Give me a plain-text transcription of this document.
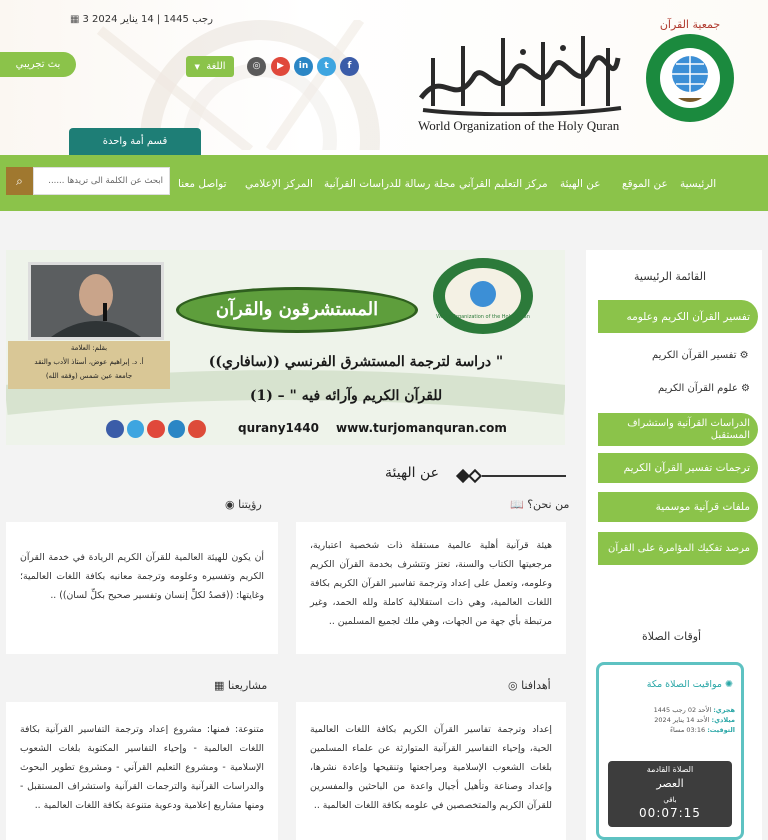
▦ 3 رجب 1445 | 14 يناير 2024
بث تجريبي	▼ اللغة	◎	▶	in	t	f
قسم أمة واحدة
World Organization of the Holy Quran
جمعية القرآن
الرئيسية
عن الموقع
عن الهيئة
مركز التعليم القرآني
مجلة رسالة للدراسات القرآنية
المركز الإعلامي
تواصل معنا
ابحث عن الكلمة الى تريدها ......
⌕
بقلم: العلامة
أ. د. إبراهيم عوض، أستاذ الأدب والنقد
جامعة عين شمس (وفقه الله)
المستشرقون والقرآن	World Organization of the Holy Quran
" دراسة لترجمة المستشرق الفرنسي ((سافاري))
للقرآن الكريم وآرائه فيه " – (1)
qurany1440 www.turjomanquran.com
عن الهيئة
📖 من نحن؟
هيئة قرآنية أهلية عالمية مستقلة ذات شخصية اعتبارية، مرجعيتها الكتاب والسنة، تعتز وتتشرف بخدمة القرآن الكريم وعلومه، وتعمل على إعداد وترجمة تفاسير القرآن الكريم بكافة اللغات العالمية، وهي ذات استقلالية كاملة ولله الحمد، وغير مرتبطة بأي جهة من الجهات، وهي ملك لجميع المسلمين ..
◉ رؤيتنا
أن يكون للهيئة العالمية للقرآن الكريم الريادة في خدمة القرآن الكريم وتفسيره وعلومه وترجمة معانيه بكافة اللغات العالمية؛ وغايتها: ((قصدُ لكلِّ إنسان وتفسير صحيح بكلِّ لسان)) ..
◎ أهدافنا
إعداد وترجمة تفاسير القرآن الكريم بكافة اللغات العالمية الحية، وإحياء التفاسير القرآنية المتوارثة عن علماء المسلمين بلغات الشعوب الإسلامية ومراجعتها وتنقيحها وإعادة نشرها، وإعداد وصناعة وتأهيل أجيال واعدة من الباحثين والمفسرين للقرآن الكريم والمتخصصين في علومه بكافة اللغات العالمية ..
▦ مشاريعنا
متنوعة: فمنها: مشروع إعداد وترجمة التفاسير القرآنية بكافة اللغات العالمية - وإحياء التفاسير المكتوبة بلغات الشعوب الإسلامية - ومشروع التعليم القرآني - ومشروع تطوير البحوث والدراسات القرآنية والترجمات القرآنية واستشراف المستقبل - ومنها مشاريع إعلامية ودعوية متنوعة بكافة اللغات العالمية ..
القائمة الرئيسية
تفسير القرآن الكريم وعلومه
تفسير القرآن الكريم ⚙
علوم القرآن الكريم ⚙
الدراسات القرآنية واستشراف المستقبل
ترجمات تفسير القرآن الكريم
ملفات قرآنية موسمية
مرصد تفكيك المؤامرة على القرآن
أوقات الصلاة
✺ مواقيت الصلاة مكة
هجري: الأحد 02 رجب 1445
ميلادي: الأحد 14 يناير 2024
التوقيت: 03:16 مساءً
الصلاة القادمة
العصر
باقي
00:07:15
